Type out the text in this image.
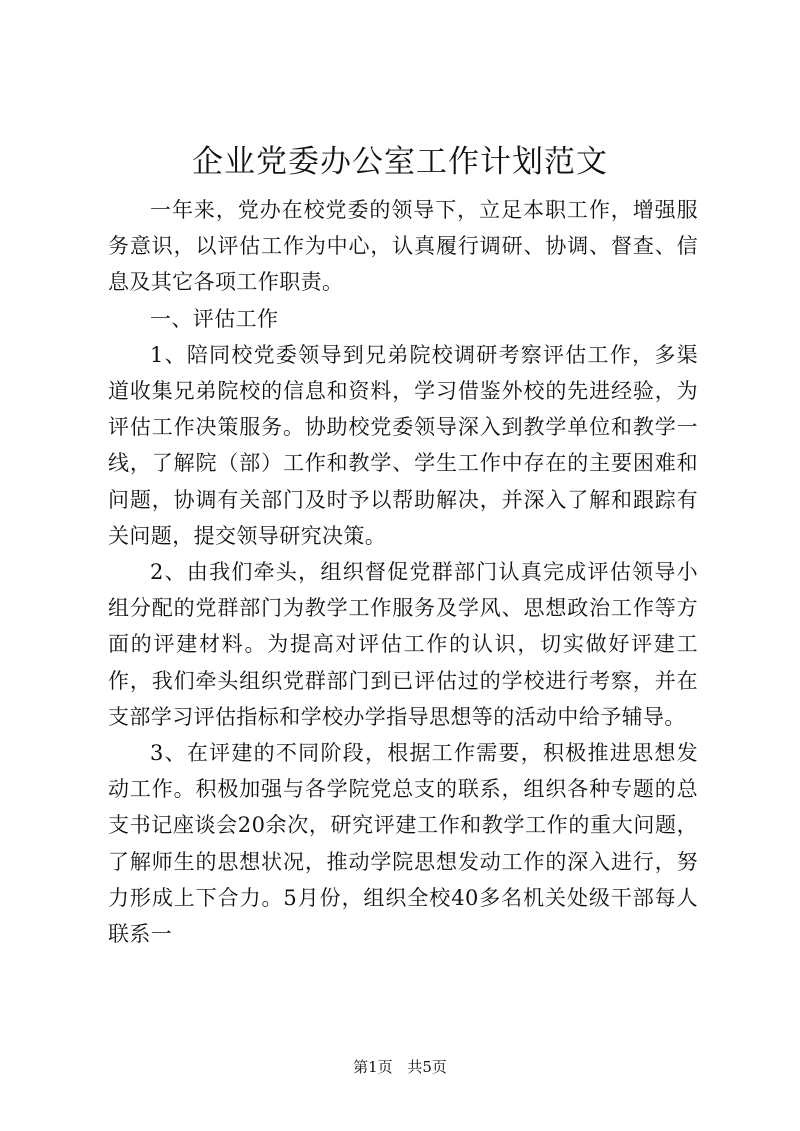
企业党委办公室工作计划范文

一年来，党办在校党委的领导下，立足本职工作，增强服务意识，以评估工作为中心，认真履行调研、协调、督查、信息及其它各项工作职责。

一、评估工作

1、陪同校党委领导到兄弟院校调研考察评估工作，多渠道收集兄弟院校的信息和资料，学习借鉴外校的先进经验，为评估工作决策服务。协助校党委领导深入到教学单位和教学一线，了解院（部）工作和教学、学生工作中存在的主要困难和问题，协调有关部门及时予以帮助解决，并深入了解和跟踪有关问题，提交领导研究决策。

2、由我们牵头，组织督促党群部门认真完成评估领导小组分配的党群部门为教学工作服务及学风、思想政治工作等方面的评建材料。为提高对评估工作的认识，切实做好评建工作，我们牵头组织党群部门到已评估过的学校进行考察，并在支部学习评估指标和学校办学指导思想等的活动中给予辅导。

3、在评建的不同阶段，根据工作需要，积极推进思想发动工作。积极加强与各学院党总支的联系，组织各种专题的总支书记座谈会20余次，研究评建工作和教学工作的重大问题，了解师生的思想状况，推动学院思想发动工作的深入进行，努力形成上下合力。5月份，组织全校40多名机关处级干部每人联系一

第1页 共5页
